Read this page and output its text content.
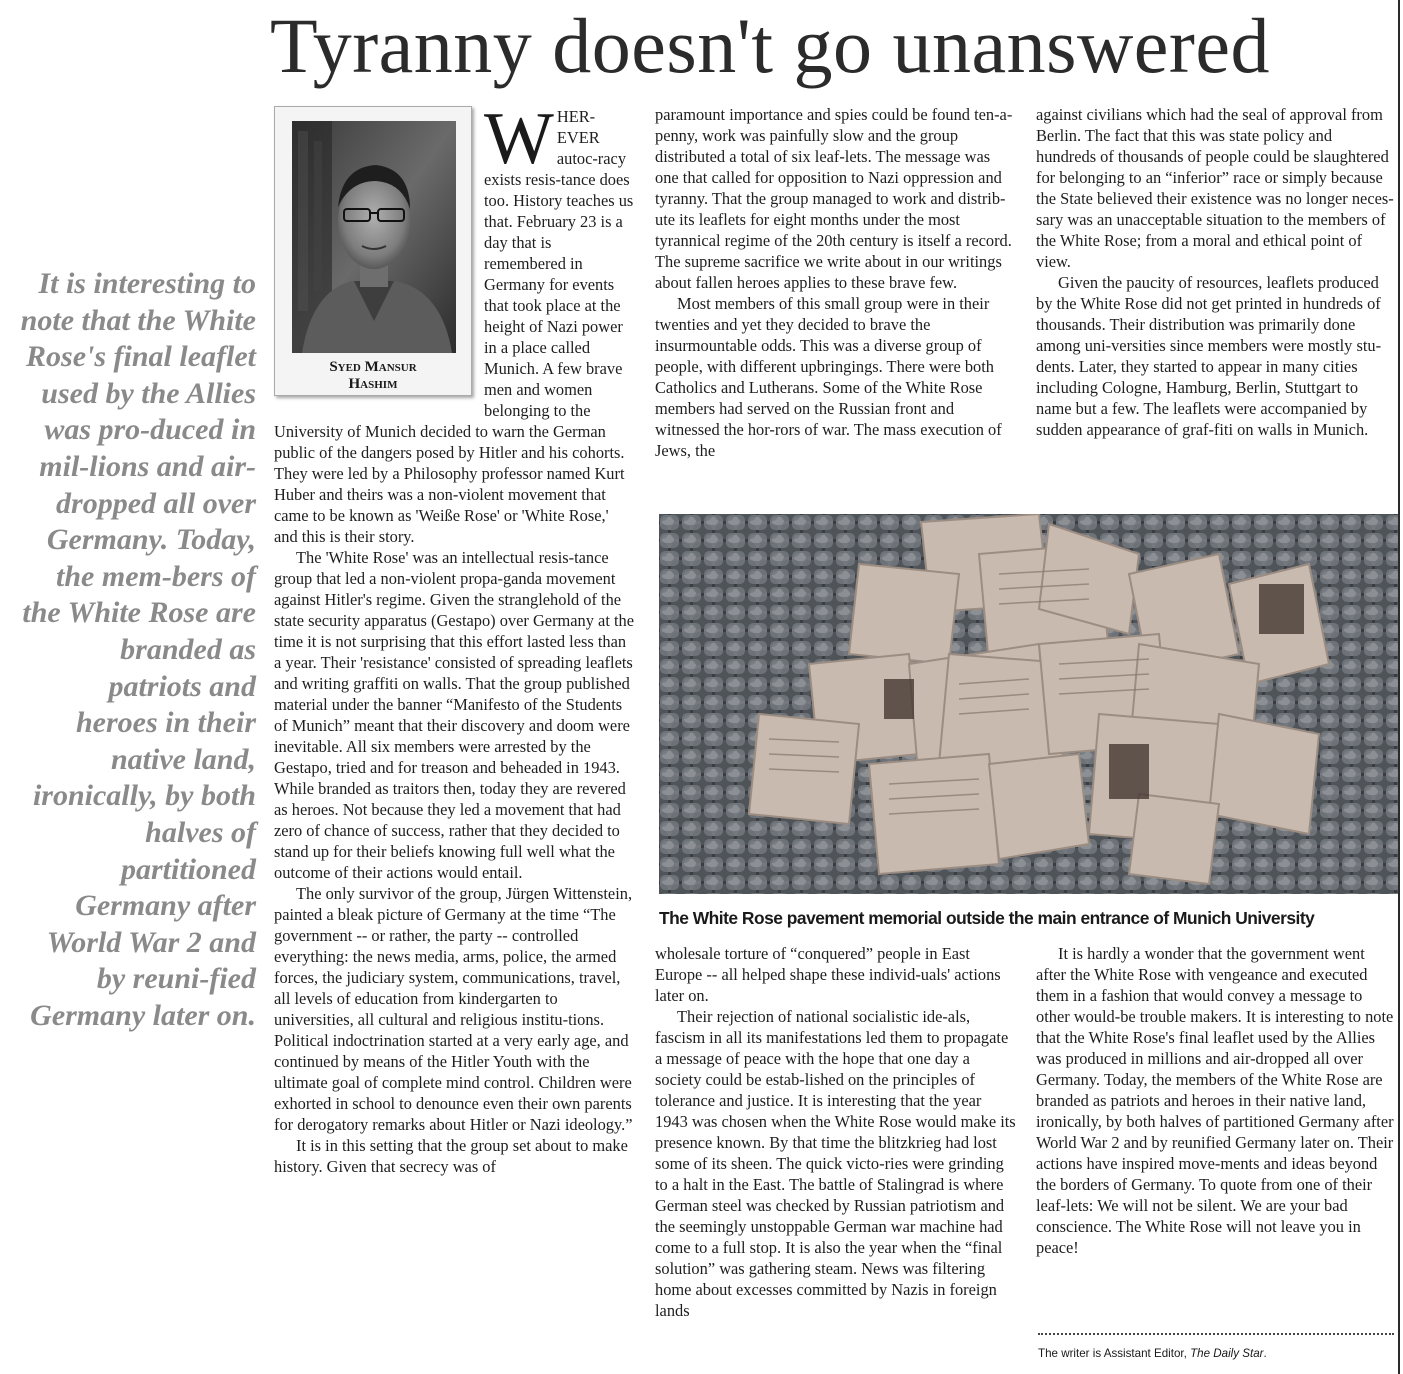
Tyranny doesn't go unanswered
It is interesting to note that the White Rose's final leaflet used by the Allies was pro-duced in mil-lions and air-dropped all over Germany. Today, the mem-bers of the White Rose are branded as patriots and heroes in their native land, ironically, by both halves of partitioned Germany after World War 2 and by reuni-fied Germany later on.
Syed Mansur
Hashim
W HER-EVER autoc-racy exists resis-tance does too. History teaches us that. February 23 is a day that is remembered in Germany for events that took place at the height of Nazi power in a place called Munich. A few brave men and women belonging to the University of Munich decided to warn the German public of the dangers posed by Hitler and his cohorts. They were led by a Philosophy professor named Kurt Huber and theirs was a non-violent movement that came to be known as 'Weiße Rose' or 'White Rose,' and this is their story.

The 'White Rose' was an intellectual resis-tance group that led a non-violent propa-ganda movement against Hitler's regime. Given the stranglehold of the state security apparatus (Gestapo) over Germany at the time it is not surprising that this effort lasted less than a year. Their 'resistance' consisted of spreading leaflets and writing graffiti on walls. That the group published material under the banner “Manifesto of the Students of Munich” meant that their discovery and doom were inevitable. All six members were arrested by the Gestapo, tried and for treason and beheaded in 1943. While branded as traitors then, today they are revered as heroes. Not because they led a movement that had zero of chance of success, rather that they decided to stand up for their beliefs knowing full well what the outcome of their actions would entail.

The only survivor of the group, Jürgen Wittenstein, painted a bleak picture of Germany at the time “The government -- or rather, the party -- controlled everything: the news media, arms, police, the armed forces, the judiciary system, communications, travel, all levels of education from kindergarten to universities, all cultural and religious institu-tions. Political indoctrination started at a very early age, and continued by means of the Hitler Youth with the ultimate goal of complete mind control. Children were exhorted in school to denounce even their own parents for derogatory remarks about Hitler or Nazi ideology.”

It is in this setting that the group set about to make history. Given that secrecy was of

paramount importance and spies could be found ten-a-penny, work was painfully slow and the group distributed a total of six leaf-lets. The message was one that called for opposition to Nazi oppression and tyranny. That the group managed to work and distrib-ute its leaflets for eight months under the most tyrannical regime of the 20th century is itself a record. The supreme sacrifice we write about in our writings about fallen heroes applies to these brave few.

Most members of this small group were in their twenties and yet they decided to brave the insurmountable odds. This was a diverse group of people, with different upbringings. There were both Catholics and Lutherans. Some of the White Rose members had served on the Russian front and witnessed the hor-rors of war. The mass execution of Jews, the

against civilians which had the seal of approval from Berlin. The fact that this was state policy and hundreds of thousands of people could be slaughtered for belonging to an “inferior” race or simply because the State believed their existence was no longer neces-sary was an unacceptable situation to the members of the White Rose; from a moral and ethical point of view.

Given the paucity of resources, leaflets produced by the White Rose did not get printed in hundreds of thousands. Their distribution was primarily done among uni-versities since members were mostly stu-dents. Later, they started to appear in many cities including Cologne, Hamburg, Berlin, Stuttgart to name but a few. The leaflets were accompanied by sudden appearance of graf-fiti on walls in Munich.

The White Rose pavement memorial outside the main entrance of Munich University

wholesale torture of “conquered” people in East Europe -- all helped shape these individ-uals' actions later on.

Their rejection of national socialistic ide-als, fascism in all its manifestations led them to propagate a message of peace with the hope that one day a society could be estab-lished on the principles of tolerance and justice. It is interesting that the year 1943 was chosen when the White Rose would make its presence known. By that time the blitzkrieg had lost some of its sheen. The quick victo-ries were grinding to a halt in the East. The battle of Stalingrad is where German steel was checked by Russian patriotism and the seemingly unstoppable German war machine had come to a full stop. It is also the year when the “final solution” was gathering steam. News was filtering home about excesses committed by Nazis in foreign lands

It is hardly a wonder that the government went after the White Rose with vengeance and executed them in a fashion that would convey a message to other would-be trouble makers. It is interesting to note that the White Rose's final leaflet used by the Allies was produced in millions and air-dropped all over Germany. Today, the members of the White Rose are branded as patriots and heroes in their native land, ironically, by both halves of partitioned Germany after World War 2 and by reunified Germany later on. Their actions have inspired move-ments and ideas beyond the borders of Germany. To quote from one of their leaf-lets: We will not be silent. We are your bad conscience. The White Rose will not leave you in peace!

The writer is Assistant Editor, The Daily Star.
